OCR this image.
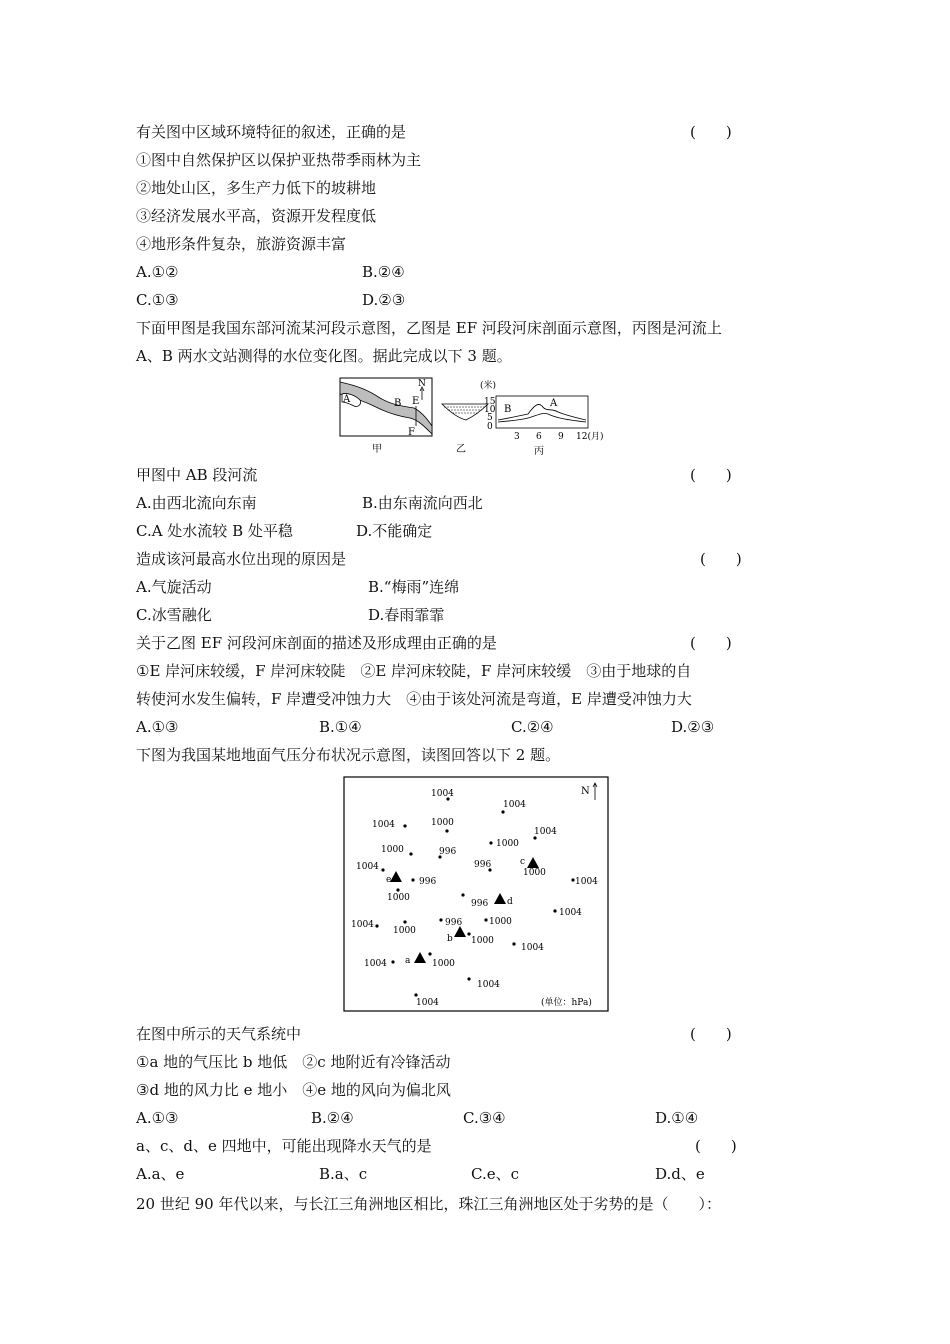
有关图中区域环境特征的叙述，正确的是	(　　)
①图中自然保护区以保护亚热带季雨林为主
②地处山区，多生产力低下的坡耕地
③经济发展水平高，资源开发程度低
④地形条件复杂，旅游资源丰富
A.①②	B.②④
C.①③	D.②③
下面甲图是我国东部河流某河段示意图，乙图是 EF 河段河床剖面示意图，丙图是河流上
A、B 两水文站测得的水位变化图。据此完成以下 3 题。
A	B E
F
N
甲	乙
(米)
15
10
5
0
B
A
3 6 9 12(月)
丙
甲图中 AB 段河流	(　　)
A.由西北流向东南	B.由东南流向西北
C.A 处水流较 B 处平稳	D.不能确定
造成该河最高水位出现的原因是	(　　)
A.气旋活动	B.“梅雨”连绵
C.冰雪融化	D.春雨霏霏
关于乙图 EF 河段河床剖面的描述及形成理由正确的是	(　　)
①E 岸河床较缓，F 岸河床较陡　②E 岸河床较陡，F 岸河床较缓　③由于地球的自
转使河水发生偏转，F 岸遭受冲蚀力大　④由于该处河流是弯道，E 岸遭受冲蚀力大
A.①③	B.①④	C.②④	D.②③
下图为我国某地地面气压分布状况示意图，读图回答以下 2 题。
N
1004
1004
1004	1000
1004
1000
1000	996
996
1004
996
1000
1004
1000
996
1004
1004
1000
996	1000
1000
1004
1004	1000
1004
1004
a
b
c
d
e
(单位：hPa)
在图中所示的天气系统中	(　　)
①a 地的气压比 b 地低　②c 地附近有冷锋活动
③d 地的风力比 e 地小　④e 地的风向为偏北风
A.①③	B.②④	C.③④	D.①④
a、c、d、e 四地中，可能出现降水天气的是	(　　)
A.a、e	B.a、c	C.e、c	D.d、e
20 世纪 90 年代以来，与长江三角洲地区相比，珠江三角洲地区处于劣势的是（　　）：
